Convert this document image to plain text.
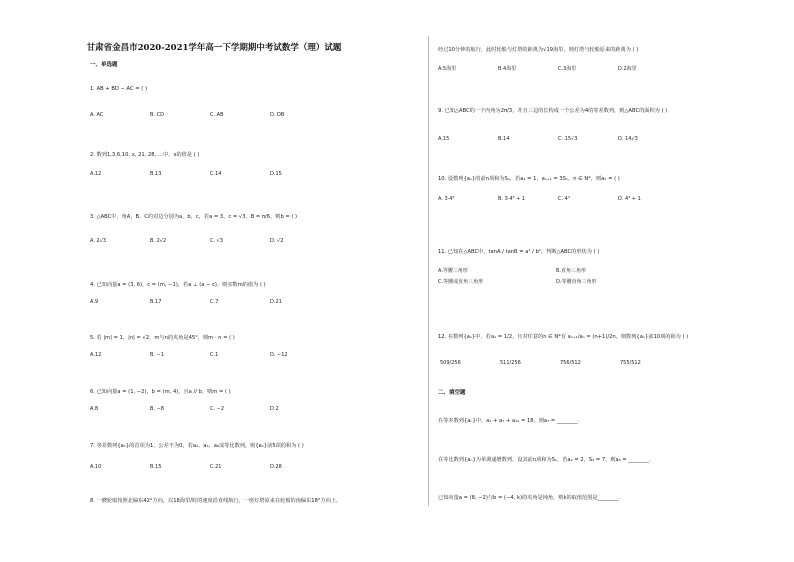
甘肃省金昌市2020-2021学年高一下学期期中考试数学（理）试题
一、单选题
1. AB + BD − AC = ( )
A. AC	B. CD	C. AB	D. DB
2. 数列1,3,6,10, x, 21, 28, …中，x的值是 ( )
A.12	B.13	C.14	D.15
3. △ABC中，角A，B，C的对边分别为a，b，c，若a = 3，c = √3，B = π/6，则b = ( )
A. 2√3	B. 2√2	C. √3	D. √2
4. 已知向量a = (3, 6)，c = (m, −1)，若a ⊥ (a − c)，则实数m的值为 ( )
A.9	B.17	C.7	D.21
5. 若 |m| = 1，|n| = √2，m与n的夹角是45°，则m · n = ( )
A.12	B. −1	C.1	D. −12
6. 已知向量a = (1, −2)，b = (m, 4)，且a // b，则m = ( )
A.8	B. −8	C. −2	D.2
7. 等差数列{aₙ}的首项为1，公差不为0，若a₂、a₃、a₆成等比数列，则{aₙ}前5项的和为 ( )
A.10	B.15	C.21	D.28
8. 一艘轮船按照北偏东42°方向，以18海里/时的速度沿直线航行，一座灯塔原来在轮船的南偏东18°方向上，
经过10分钟的航行，此时轮船与灯塔的距离为√19海里，则灯塔与轮船原来的距离为 ( )
A.5海里	B.4海里	C.3海里	D.2海里
9. 已知△ABC的一个内角为2π/3，并且三边的长构成一个公差为4的等差数列，则△ABC的面积为 ( )
A.15	B.14	C. 15√3	D. 14√3
10. 设数列{aₙ}的前n项和为Sₙ，若a₁ = 1，aₙ₊₁ = 3Sₙ，n ∈ N*，则a₅ = ( )
A. 3·4³	B. 3·4³ + 1	C. 4⁴	D. 4⁴ + 1
11. 已知在△ABC中，tanA / tanB = a² / b²，判断△ABC的形状为 ( )
A.等腰三角形	B.直角三角形
C.等腰或直角三角形	D.等腰直角三角形
12. 在数列{aₙ}中，若a₁ = 1/2，且对任意的n ∈ N*有 aₙ₊₁/aₙ = (n+1)/2n，则数列{aₙ}前10项的和为 ( )
509/256	511/256	756/512	755/512
二、填空题
在等差数列{aₙ}中，a₂ + a₇ + a₁₂ = 18，则a₇ = ________.
在等比数列{aₙ}为单调递增数列，设其前n项和为Sₙ，若a₂ = 2，S₃ = 7，则a₅ = ________.
已知向量a = (8, −2)与b = (−4, k)的夹角是钝角，则k的取值范围是________.
